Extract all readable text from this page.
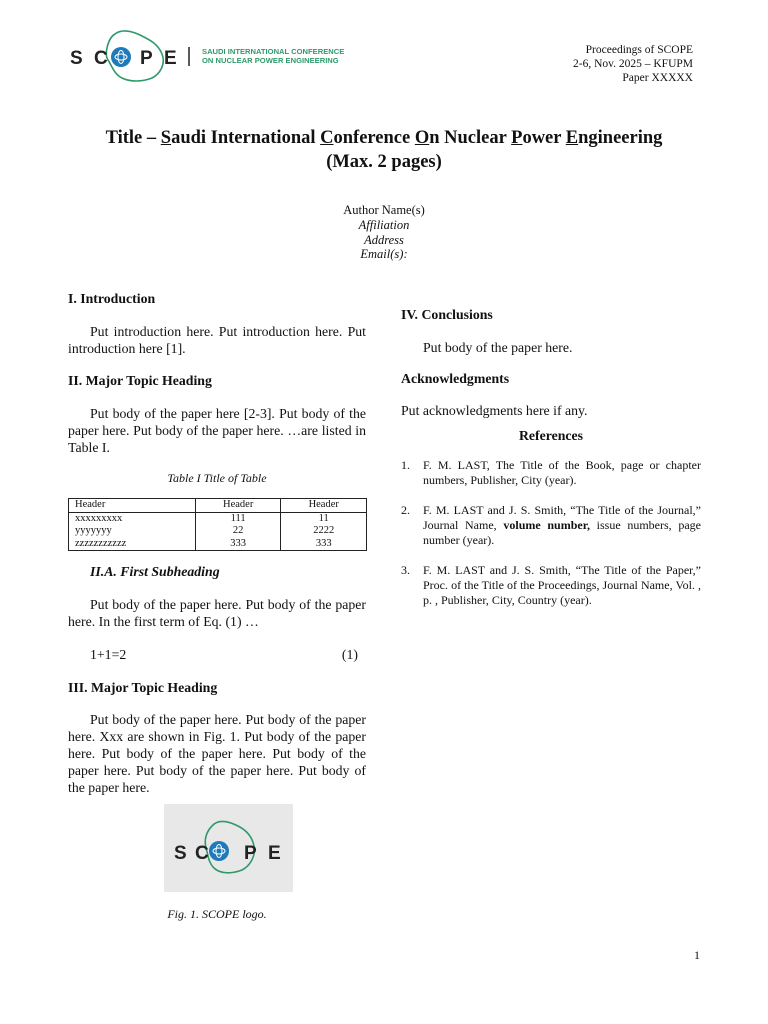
S C P E	SAUDI INTERNATIONAL CONFERENCE
ON NUCLEAR POWER ENGINEERING
Proceedings of SCOPE
2-6, Nov. 2025 – KFUPM
Paper XXXXX
Title – Saudi International Conference On Nuclear Power Engineering
(Max. 2 pages)
Author Name(s)
Affiliation
Address
Email(s):

I. Introduction

Put introduction here. Put introduction here. Put introduction here [1].

II. Major Topic Heading

Put body of the paper here [2-3]. Put body of the paper here. Put body of the paper here. …are listed in Table I.

Table I Title of Table

Header	Header	Header
xxxxxxxxx	111	11
yyyyyyy	22	2222
zzzzzzzzzzz	333	333

II.A. First Subheading

Put body of the paper here. Put body of the paper here. In the first term of Eq. (1) …

1+1=2	(1)

III. Major Topic Heading

Put body of the paper here. Put body of the paper here. Xxx are shown in Fig. 1. Put body of the paper here. Put body of the paper here. Put body of the paper here. Put body of the paper here. Put body of the paper here.

S C P E

Fig. 1. SCOPE logo.

IV. Conclusions

Put body of the paper here.

Acknowledgments

Put acknowledgments here if any.

References

1.	F. M. LAST, The Title of the Book, page or chapter numbers, Publisher, City (year).
2.	F. M. LAST and J. S. Smith, “The Title of the Journal,” Journal Name, volume number, issue numbers, page number (year).
3.	F. M. LAST and J. S. Smith, “The Title of the Paper,” Proc. of the Title of the Proceedings, Journal Name, Vol. , p. , Publisher, City, Country (year).
1
